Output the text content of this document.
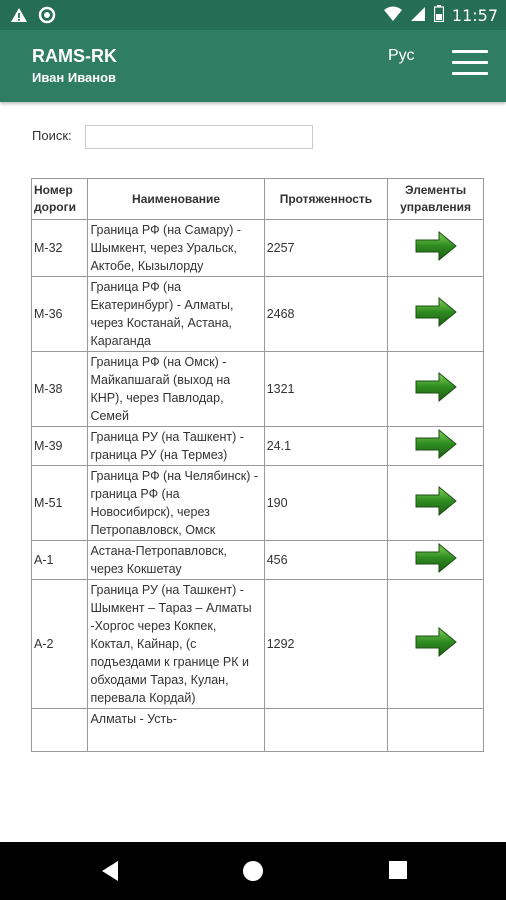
11:57
RAMS-RK
Иван Иванов
Рус
Поиск:
Номер дороги	Наименование	Протяженность	Элементы управления
М-32	Граница РФ (на Самару) - Шымкент, через Уральск, Актобе, Кызылорду	2257	
М-36	Граница РФ (на Екатеринбург) - Алматы, через Костанай, Астана, Караганда	2468	
М-38	Граница РФ (на Омск) - Майкапшагай (выход на КНР), через Павлодар, Семей	1321	
М-39	Граница РУ (на Ташкент) - граница РУ (на Термез)	24.1	
М-51	Граница РФ (на Челябинск) - граница РФ (на Новосибирск), через Петропавловск, Омск	190	
А-1	Астана-Петропавловск, через Кокшетау	456	
А-2	Граница РУ (на Ташкент) - Шымкент – Тараз – Алматы -Хоргос через Кокпек, Коктал, Кайнар, (с подъездами к границе РК и обходами Тараз, Кулан, перевала Кордай)	1292	
	Алматы - Усть-		
